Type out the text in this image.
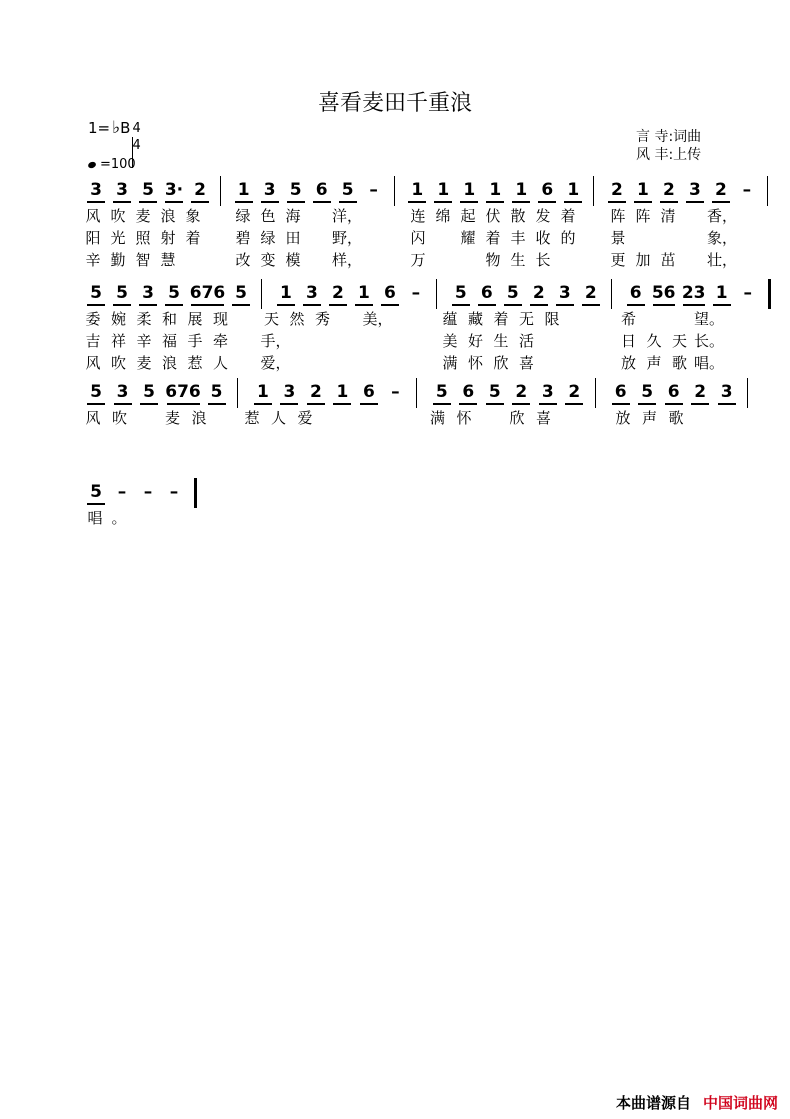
喜看麦田千重浪
1= ♭B $\frac{4}{4}$
=100
言 寺:词曲
风 丰:上传
3 3 5 3· 2	1 3 5 6 5 –	1 1 1 1 1 6 1	2 1 2 3 2 –
风 吹 麦 浪 象 绿 色 海 洋，	连 绵 起 伏 散 发 着 阵 阵 清 香，
阳 光 照 射 着 碧 绿 田 野，	闪 耀 着 丰 收 的 景	象，
辛 勤 智 慧	改 变 模 样，	万	物 生 长	更 加 茁 壮，
5 5 3 5 676 5	1 3 2 1 6 –	5 6 5 2 3 2	6 56 23 1 –
委 婉 柔 和 展 现 天 然 秀 美，	蕴 藏 着 无 限	希	望。
吉 祥 辛 福 手 牵 手，	美 好 生 活	日 久 天 长。
风 吹 麦 浪 惹 人 爱，	满 怀 欣 喜	放 声 歌 唱。
5 3 5 676 5	1 3 2 1 6 –	5 6 5 2 3 2	6 5 6 2 3
风 吹	麦 浪	惹 人 爱	满 怀	欣 喜	放 声 歌
5 –	–	–
唱 。
本曲谱源自 中国词曲网
